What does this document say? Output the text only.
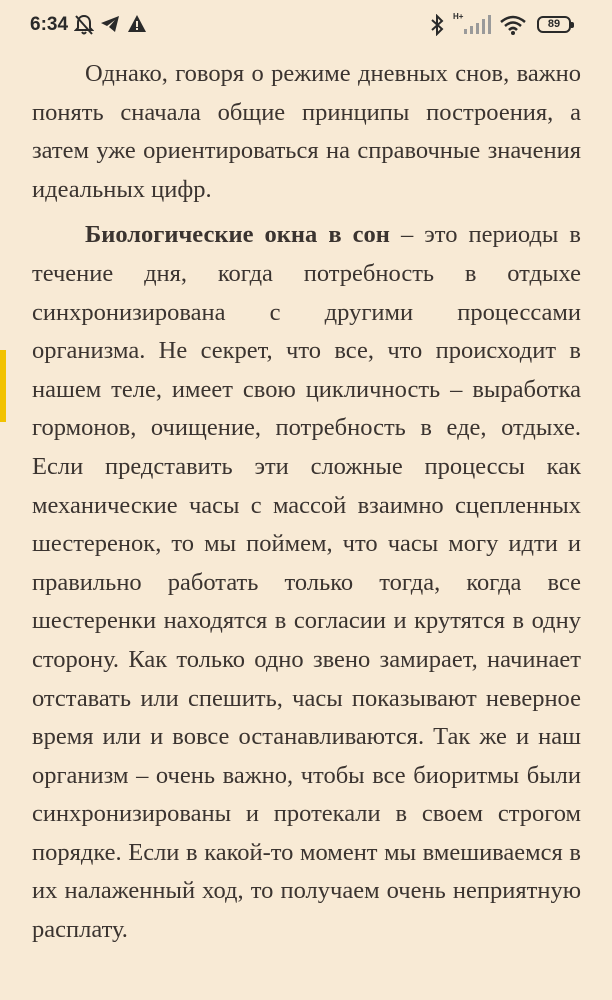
6:34	H+
89

Однако, говоря о режиме дневных снов, важно понять сначала общие принципы построения, а затем уже ориентироваться на справочные значения идеальных цифр.

Биологические окна в сон – это периоды в течение дня, когда потребность в отдыхе синхронизирована с другими процессами организма. Не секрет, что все, что происходит в нашем теле, имеет свою цикличность – выработка гормонов, очищение, потребность в еде, отдыхе. Если представить эти сложные процессы как механические часы с массой взаимно сцепленных шестеренок, то мы поймем, что часы могу идти и правильно работать только тогда, когда все шестеренки находятся в согласии и крутятся в одну сторону. Как только одно звено замирает, начинает отставать или спешить, часы показывают неверное время или и вовсе останавливаются. Так же и наш организм – очень важно, чтобы все биоритмы были синхронизированы и протекали в своем строгом порядке. Если в какой-то момент мы вмешиваемся в их налаженный ход, то получаем очень неприятную расплату.
